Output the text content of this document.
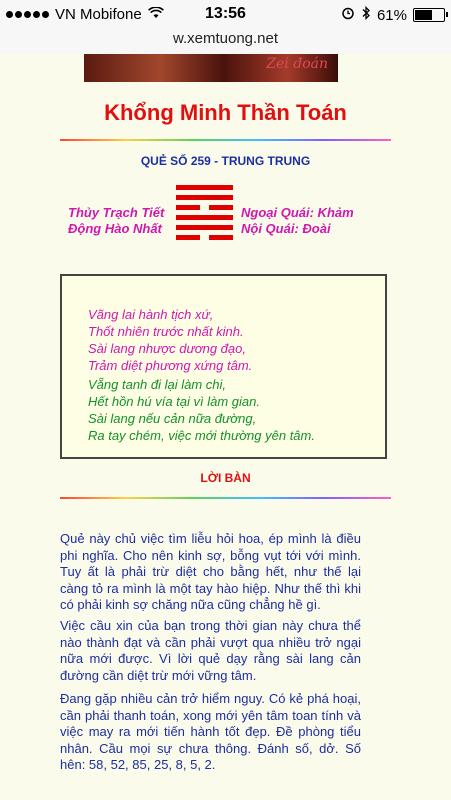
VN Mobifone	13:56	61%
w.xemtuong.net
Zei đoán
Khổng Minh Thần Toán
QUẺ SỐ 259 - TRUNG TRUNG
Thủy Trạch Tiết
Động Hào Nhất
Ngoại Quái: Khảm
Nội Quái: Đoài
Vãng lai hành tịch xứ,
Thốt nhiên trước nhất kinh.
Sài lang nhược dương đạo,
Trảm diệt phương xứng tâm.
Vẵng tanh đi lại làm chi,
Hết hồn hú vía tại vì làm gian.
Sài lang nếu cản nữa đường,
Ra tay chém, việc mới thường yên tâm.
LỜI BÀN
Quẻ này chủ việc tìm liễu hỏi hoa, ép mình là điều phi nghĩa. Cho nên kinh sợ, bỗng vụt tới với mình. Tuy ất là phải trừ diệt cho bằng hết, như thế lại càng tỏ ra mình là một tay hào hiệp. Như thế thì khi có phải kinh sợ chăng nữa cũng chẳng hề gì.
Việc cầu xin của bạn trong thời gian này chưa thể nào thành đạt và cần phải vượt qua nhiều trở ngại nữa mới được. Vì lời quẻ dạy rằng sài lang cản đường cần diệt trừ mới vững tâm.
Đang gặp nhiều cản trở hiểm nguy. Có kẻ phá hoại, cần phải thanh toán, xong mới yên tâm toan tính và việc may ra mới tiến hành tốt đẹp. Đề phòng tiểu nhân. Cầu mọi sự chưa thông. Đánh số, dở. Số hên: 58, 52, 85, 25, 8, 5, 2.
